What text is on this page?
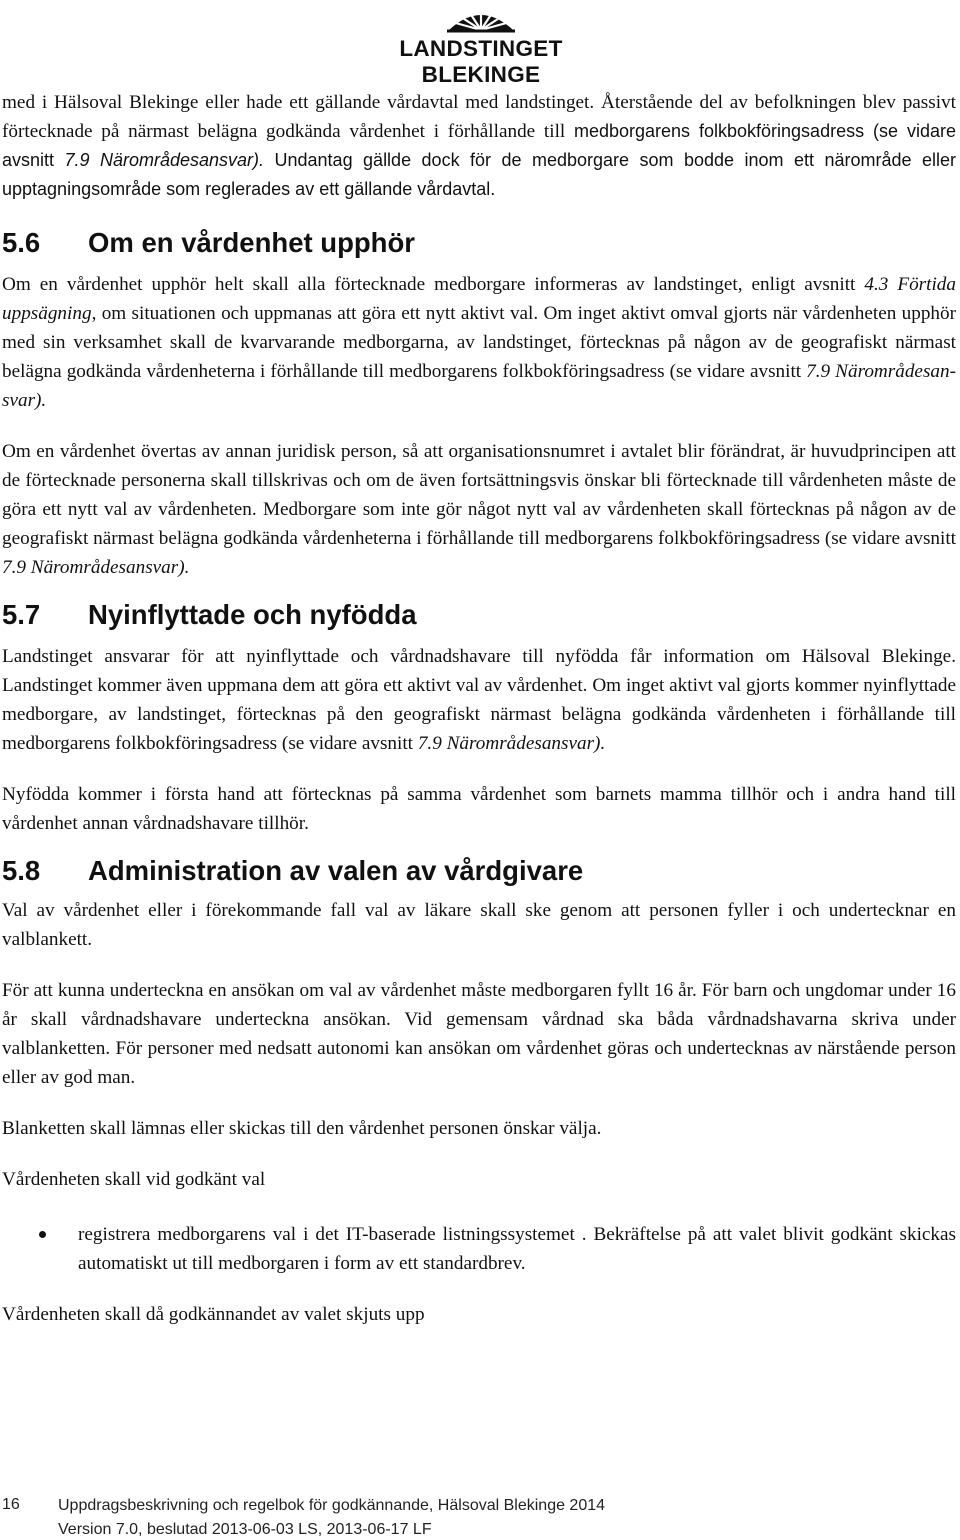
LANDSTINGET BLEKINGE

med i Hälsoval Blekinge eller hade ett gällande vårdavtal med landstinget. Återstående del av befolkningen blev passivt förtecknade på närmast belägna godkända vårdenhet i förhållande till medborgarens folkbokföringsadress (se vidare avsnitt 7.9 Närområdesansvar). Undantag gällde dock för de medborgare som bodde inom ett närområde eller upptagningsområde som reglerades av ett gällande vårdavtal.

5.6 Om en vårdenhet upphör

Om en vårdenhet upphör helt skall alla förtecknade medborgare informeras av landstinget, enligt avsnitt 4.3 Förtida uppsägning, om situationen och uppmanas att göra ett nytt aktivt val. Om inget aktivt omval gjorts när vårdenheten upphör med sin verksamhet skall de kvarvarande medborgarna, av landstinget, förtecknas på någon av de geografiskt närmast belägna godkända vårdenheterna i förhållande till medborgarens folkbokföringsadress (se vidare avsnitt 7.9 Närområdesansvar).

Om en vårdenhet övertas av annan juridisk person, så att organisationsnumret i avtalet blir förändrat, är huvudprincipen att de förtecknade personerna skall tillskrivas och om de även fortsättningsvis önskar bli förtecknade till vårdenheten måste de göra ett nytt val av vårdenheten. Medborgare som inte gör något nytt val av vårdenheten skall förtecknas på någon av de geografiskt närmast belägna godkända vårdenheterna i förhållande till medborgarens folkbokföringsadress (se vidare avsnitt 7.9 Närområdesansvar).

5.7 Nyinflyttade och nyfödda

Landstinget ansvarar för att nyinflyttade och vårdnadshavare till nyfödda får information om Hälsoval Blekinge. Landstinget kommer även uppmana dem att göra ett aktivt val av vårdenhet. Om inget aktivt val gjorts kommer nyinflyttade medborgare, av landstinget, förtecknas på den geografiskt närmast belägna godkända vårdenheten i förhållande till medborgarens folkbokföringsadress (se vidare avsnitt 7.9 Närområdesansvar).

Nyfödda kommer i första hand att förtecknas på samma vårdenhet som barnets mamma tillhör och i andra hand till vårdenhet annan vårdnadshavare tillhör.

5.8 Administration av valen av vårdgivare

Val av vårdenhet eller i förekommande fall val av läkare skall ske genom att personen fyller i och undertecknar en valblankett.

För att kunna underteckna en ansökan om val av vårdenhet måste medborgaren fyllt 16 år. För barn och ungdomar under 16 år skall vårdnadshavare underteckna ansökan. Vid gemensam vårdnad ska båda vårdnadshavarna skriva under valblanketten. För personer med nedsatt autonomi kan ansökan om vårdenhet göras och undertecknas av närstående person eller av god man.

Blanketten skall lämnas eller skickas till den vårdenhet personen önskar välja.

Vårdenheten skall vid godkänt val

registrera medborgarens val i det IT-baserade listningssystemet . Bekräftelse på att valet blivit godkänt skickas automatiskt ut till medborgaren i form av ett standardbrev.

Vårdenheten skall då godkännandet av valet skjuts upp

16 Uppdragsbeskrivning och regelbok för godkännande, Hälsoval Blekinge 2014
Version 7.0, beslutad 2013-06-03 LS, 2013-06-17 LF
